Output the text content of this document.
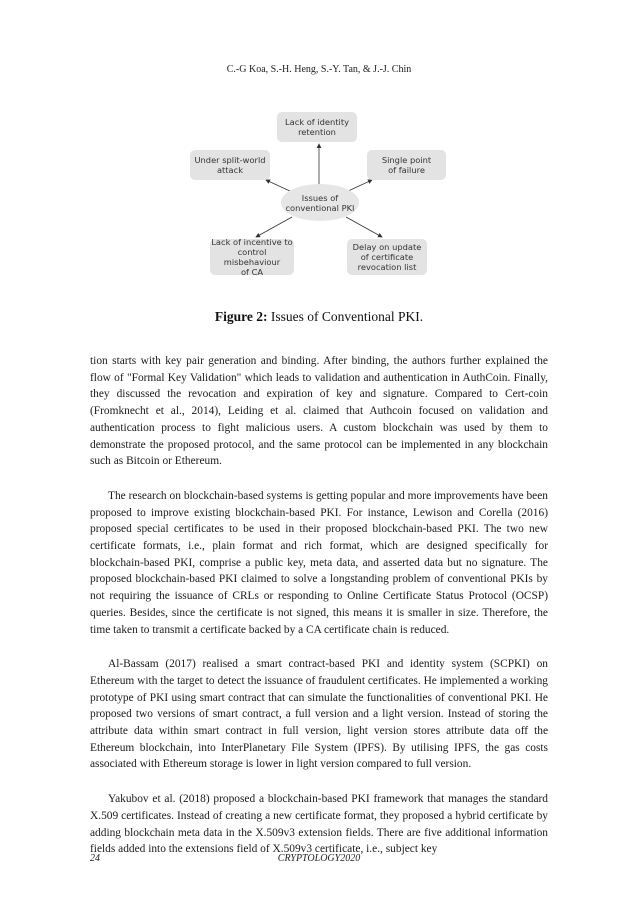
C.-G Koa, S.-H. Heng, S.-Y. Tan, & J.-J. Chin
Lack of identity
retention
Under split-world
attack
Single point
of failure
Issues of
conventional PKI
Lack of incentive to
control misbehaviour
of CA
Delay on update
of certificate
revocation list
Figure 2: Issues of Conventional PKI.

tion starts with key pair generation and binding. After binding, the authors further explained the flow of "Formal Key Validation" which leads to validation and authentication in AuthCoin. Finally, they discussed the revocation and expiration of key and signature. Compared to Cert-coin (Fromknecht et al., 2014), Leiding et al. claimed that Authcoin focused on validation and authentication process to fight malicious users. A custom blockchain was used by them to demonstrate the proposed protocol, and the same protocol can be implemented in any blockchain such as Bitcoin or Ethereum.

The research on blockchain-based systems is getting popular and more improvements have been proposed to improve existing blockchain-based PKI. For instance, Lewison and Corella (2016) proposed special certificates to be used in their proposed blockchain-based PKI. The two new certificate formats, i.e., plain format and rich format, which are designed specifically for blockchain-based PKI, comprise a public key, meta data, and asserted data but no signature. The proposed blockchain-based PKI claimed to solve a longstanding problem of conventional PKIs by not requiring the issuance of CRLs or responding to Online Certificate Status Protocol (OCSP) queries. Besides, since the certificate is not signed, this means it is smaller in size. Therefore, the time taken to transmit a certificate backed by a CA certificate chain is reduced.

Al-Bassam (2017) realised a smart contract-based PKI and identity system (SCPKI) on Ethereum with the target to detect the issuance of fraudulent certificates. He implemented a working prototype of PKI using smart contract that can simulate the functionalities of conventional PKI. He proposed two versions of smart contract, a full version and a light version. Instead of storing the attribute data within smart contract in full version, light version stores attribute data off the Ethereum blockchain, into InterPlanetary File System (IPFS). By utilising IPFS, the gas costs associated with Ethereum storage is lower in light version compared to full version.

Yakubov et al. (2018) proposed a blockchain-based PKI framework that manages the standard X.509 certificates. Instead of creating a new certificate format, they proposed a hybrid certificate by adding blockchain meta data in the X.509v3 extension fields. There are five additional information fields added into the extensions field of X.509v3 certificate, i.e., subject key

24	CRYPTOLOGY2020
